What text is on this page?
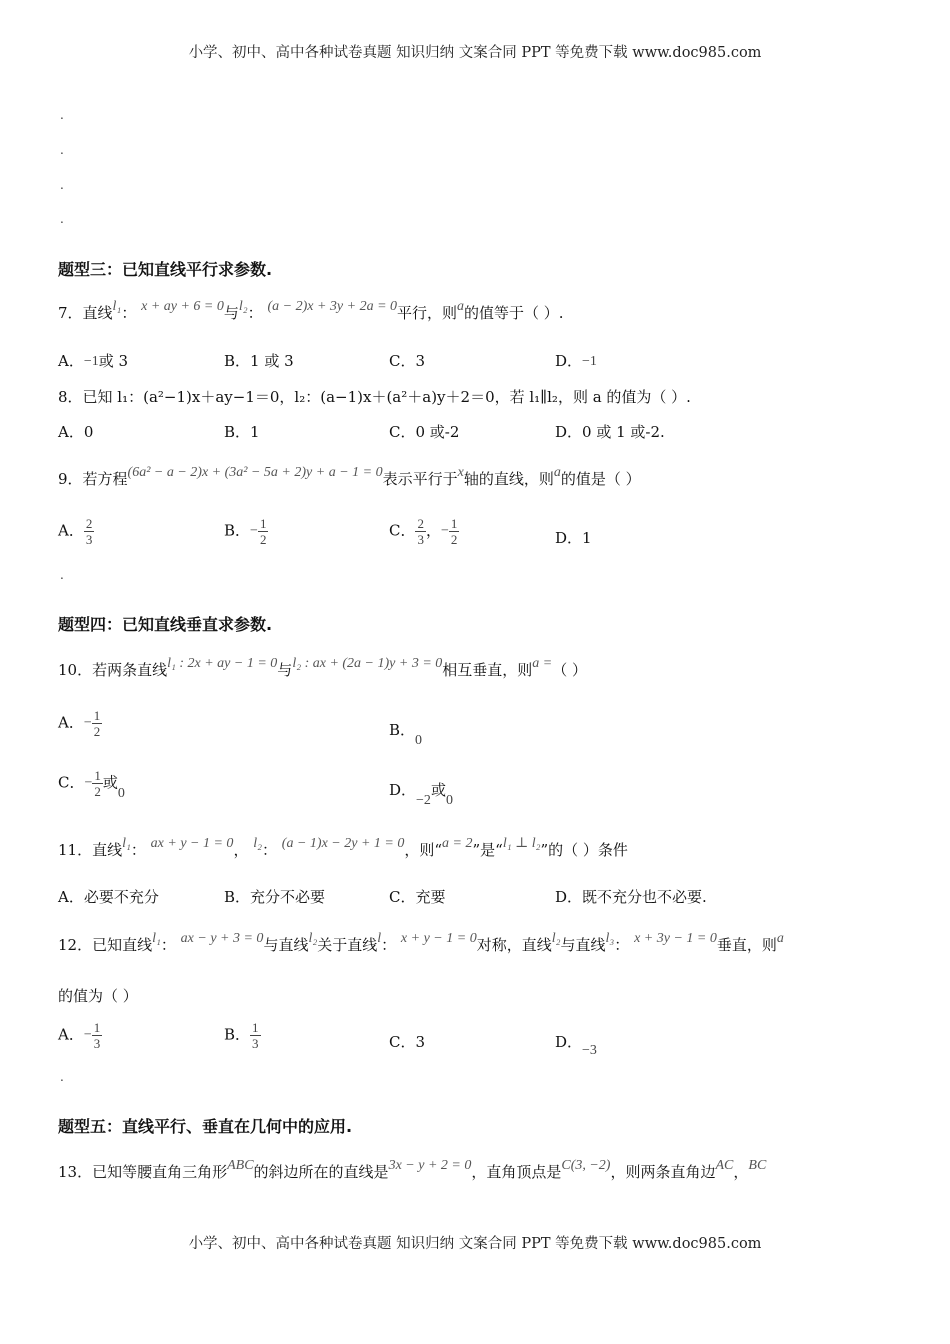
小学、初中、高中各种试卷真题 知识归纳 文案合同 PPT 等免费下载 www.doc985.com
.
.
.
.
题型三：已知直线平行求参数.
7．直线l₁： x + ay + 6 = 0与l₂： (a − 2)x + 3y + 2a = 0平行，则a的值等于（ ）.
A．−1或 3	B．1 或 3	C．3	D．−1
8．已知 l₁：(a²−1)x＋ay−1＝0，l₂：(a−1)x＋(a²＋a)y＋2＝0，若 l₁∥l₂，则 a 的值为（ ）.
A．0	B．1	C．0 或-2	D．0 或 1 或-2.
9．若方程(6a² − a − 2)x + (3a² − 5a + 2)y + a − 1 = 0表示平行于x轴的直线，则a的值是（ ）
A． $\frac{2}{3}$	B．− $\frac{1}{2}$	C． $\frac{2}{3}$ ，− $\frac{1}{2}$	D．1
.
题型四：已知直线垂直求参数.
10．若两条直线l₁ : 2x + ay − 1 = 0与l₂ : ax + (2a − 1)y + 3 = 0相互垂直，则a =（ ）
A．− $\frac{1}{2}$	B．0
C．− $\frac{1}{2}$ 或0	D．−2或0
11．直线l₁： ax + y − 1 = 0， l₂： (a − 1)x − 2y + 1 = 0，则“a = 2”是“l₁ ⊥ l₂”的（ ）条件
A．必要不充分	B．充分不必要	C．充要	D．既不充分也不必要.
12．已知直线l₁： ax − y + 3 = 0与直线l₂关于直线l： x + y − 1 = 0对称，直线l₂与直线l₃： x + 3y − 1 = 0垂直，则a
的值为（ ）
A．− $\frac{1}{3}$	B． $\frac{1}{3}$	C．3	D．−3
.
题型五：直线平行、垂直在几何中的应用.
13．已知等腰直角三角形ABC的斜边所在的直线是3x − y + 2 = 0，直角顶点是C(3, −2)，则两条直角边AC，BC
小学、初中、高中各种试卷真题 知识归纳 文案合同 PPT 等免费下载 www.doc985.com
